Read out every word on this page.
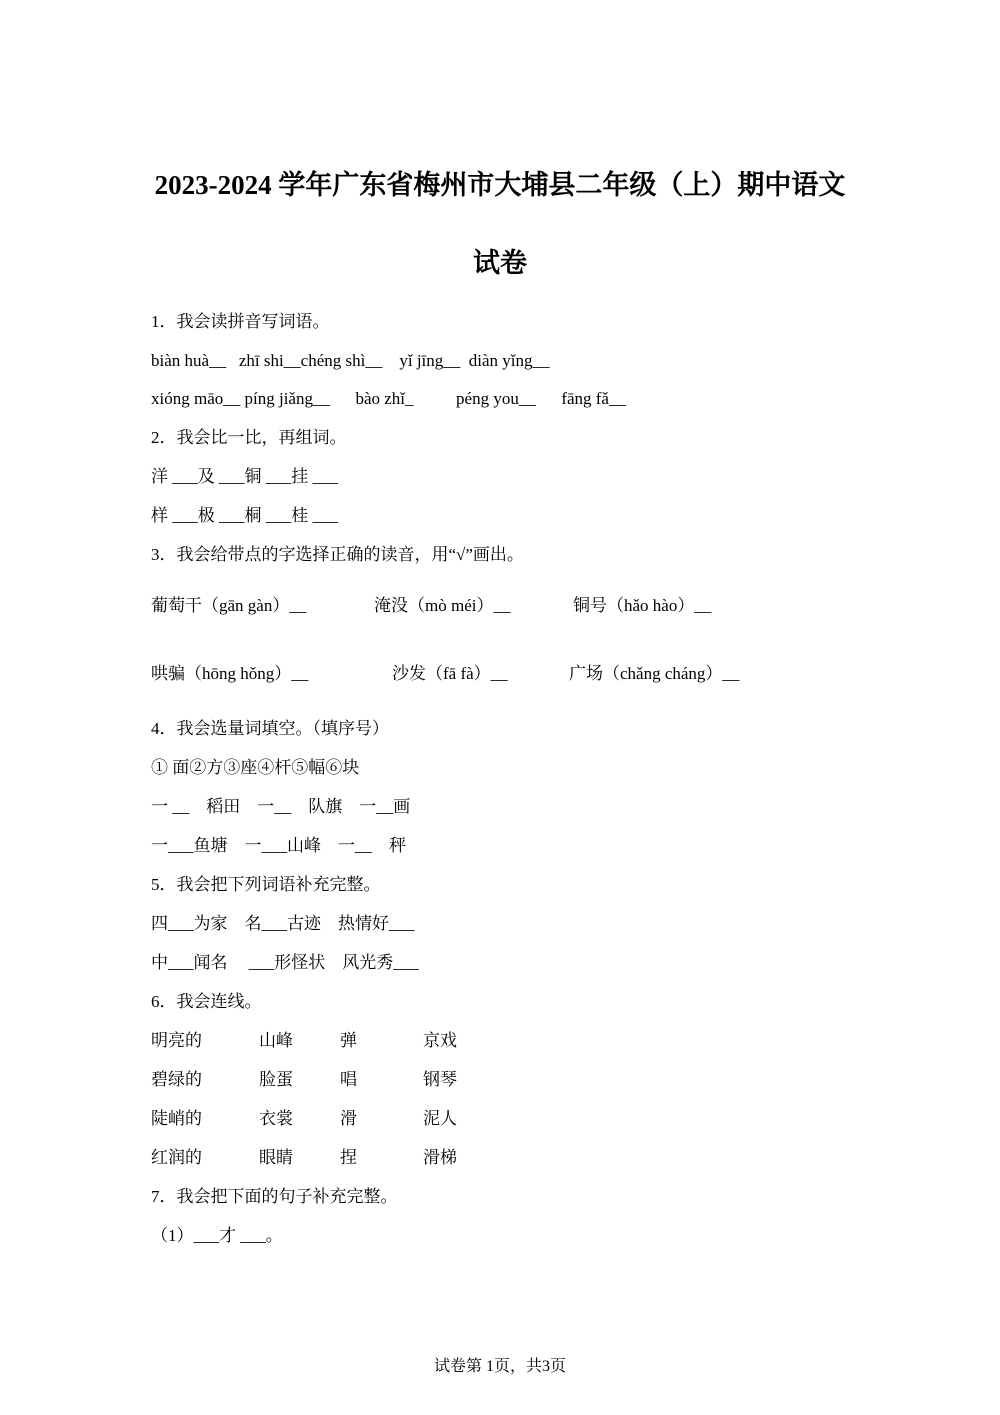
2023-2024 学年广东省梅州市大埔县二年级（上）期中语文
试卷
1．我会读拼音写词语。
biàn huà__   zhī shi__chéng shì__    yǐ jīng__  diàn yǐng__
xióng māo__ píng jiǎng__      bào zhǐ_          péng you__      fāng fǎ__
2．我会比一比，再组词。
洋 ___及 ___铜 ___挂 ___
样 ___极 ___桐 ___桂 ___
3．我会给带点的字选择正确的读音，用“√”画出。
葡萄干（gān gàn）__	淹没（mò méi）__	铜号（hǎo hào）__
哄骗（hōng hǒng）__	沙发（fā fà）__	广场（chǎng cháng）__
4．我会选量词填空。（填序号）
① 面②方③座④杆⑤幅⑥块
一 __    稻田    一__    队旗    一__画
一___鱼塘    一___山峰    一__    秤
5．我会把下列词语补充完整。
四___为家    名___古迹    热情好___
中___闻名     ___形怪状    风光秀___
6．我会连线。
明亮的	山峰	弹	京戏
碧绿的	脸蛋	唱	钢琴
陡峭的	衣裳	滑	泥人
红润的	眼睛	捏	滑梯
7．我会把下面的句子补充完整。
（1）___才 ___。
试卷第 1页，共3页
